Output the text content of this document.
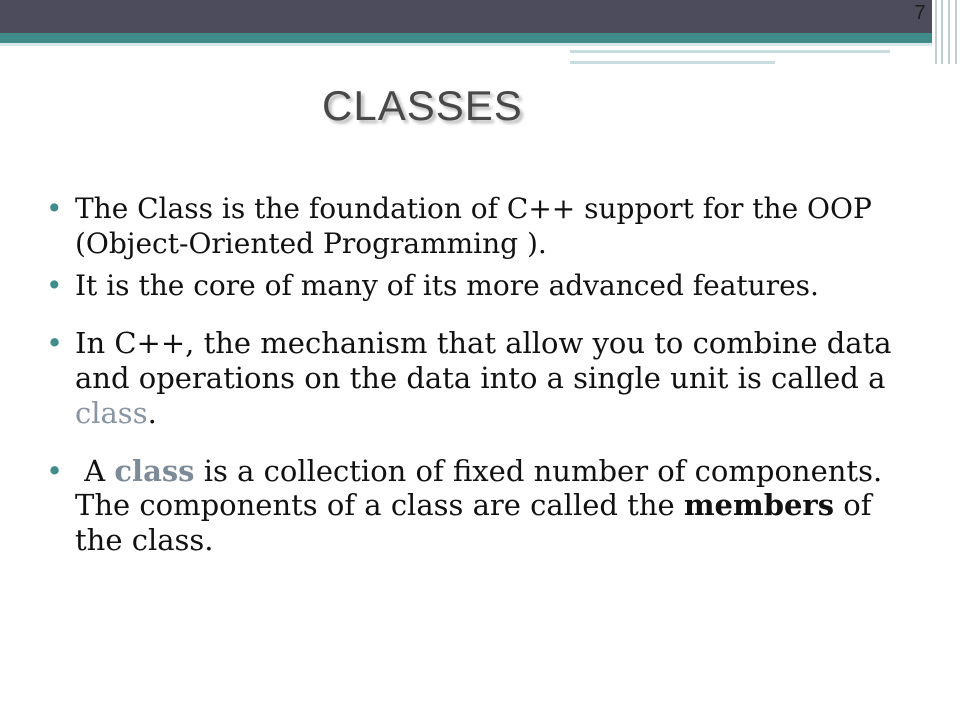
7
CLASSES
• The Class is the foundation of C++ support for the OOP (Object-Oriented Programming ).
• It is the core of many of its more advanced features.
• In C++, the mechanism that allow you to combine data and operations on the data into a single unit is called a class.
• A class is a collection of fixed number of components. The components of a class are called the members of the class.
